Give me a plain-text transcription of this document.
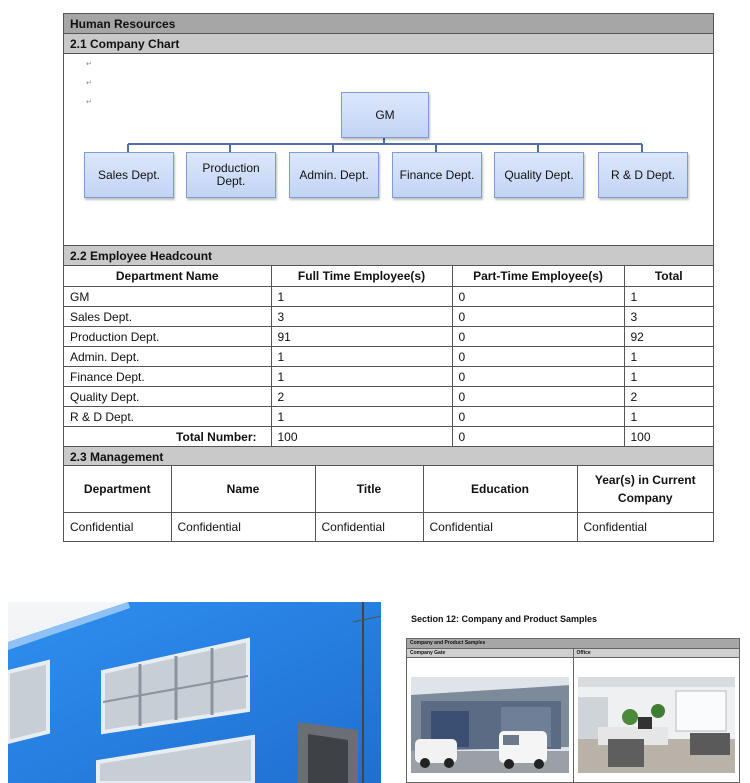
Human Resources
2.1 Company Chart
↵
↵
↵
GM
Sales Dept.	Production Dept.	Admin. Dept.	Finance Dept.	Quality Dept.	R & D Dept.
2.2 Employee Headcount
Department Name	Full Time Employee(s)	Part-Time Employee(s)	Total
GM	1	0	1
Sales Dept.	3	0	3
Production Dept.	91	0	92
Admin. Dept.	1	0	1
Finance Dept.	1	0	1
Quality Dept.	2	0	2
R & D Dept.	1	0	1
Total Number:	100	0	100
2.3 Management
Department	Name	Title	Education	Year(s) in Current Company
Confidential	Confidential	Confidential	Confidential	Confidential
Section 12: Company and Product Samples
Company and Product Samples
Company Gate	Office
